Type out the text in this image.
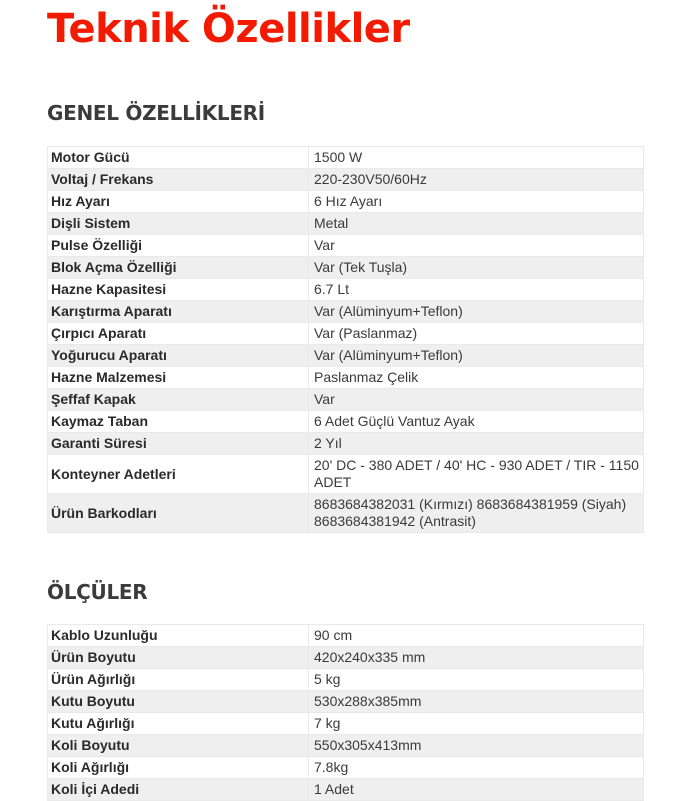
Teknik Özellikler
GENEL ÖZELLİKLERİ
Motor Gücü	1500 W
Voltaj / Frekans	220-230V50/60Hz
Hız Ayarı	6 Hız Ayarı
Dişli Sistem	Metal
Pulse Özelliği	Var
Blok Açma Özelliği	Var (Tek Tuşla)
Hazne Kapasitesi	6.7 Lt
Karıştırma Aparatı	Var (Alüminyum+Teflon)
Çırpıcı Aparatı	Var (Paslanmaz)
Yoğurucu Aparatı	Var (Alüminyum+Teflon)
Hazne Malzemesi	Paslanmaz Çelik
Şeffaf Kapak	Var
Kaymaz Taban	6 Adet Güçlü Vantuz Ayak
Garanti Süresi	2 Yıl
Konteyner Adetleri	20' DC - 380 ADET / 40' HC - 930 ADET / TIR - 1150 ADET
Ürün Barkodları	8683684382031 (Kırmızı) 8683684381959 (Siyah) 8683684381942 (Antrasit)
ÖLÇÜLER
Kablo Uzunluğu	90 cm
Ürün Boyutu	420x240x335 mm
Ürün Ağırlığı	5 kg
Kutu Boyutu	530x288x385mm
Kutu Ağırlığı	7 kg
Koli Boyutu	550x305x413mm
Koli Ağırlığı	7.8kg
Koli İçi Adedi	1 Adet
